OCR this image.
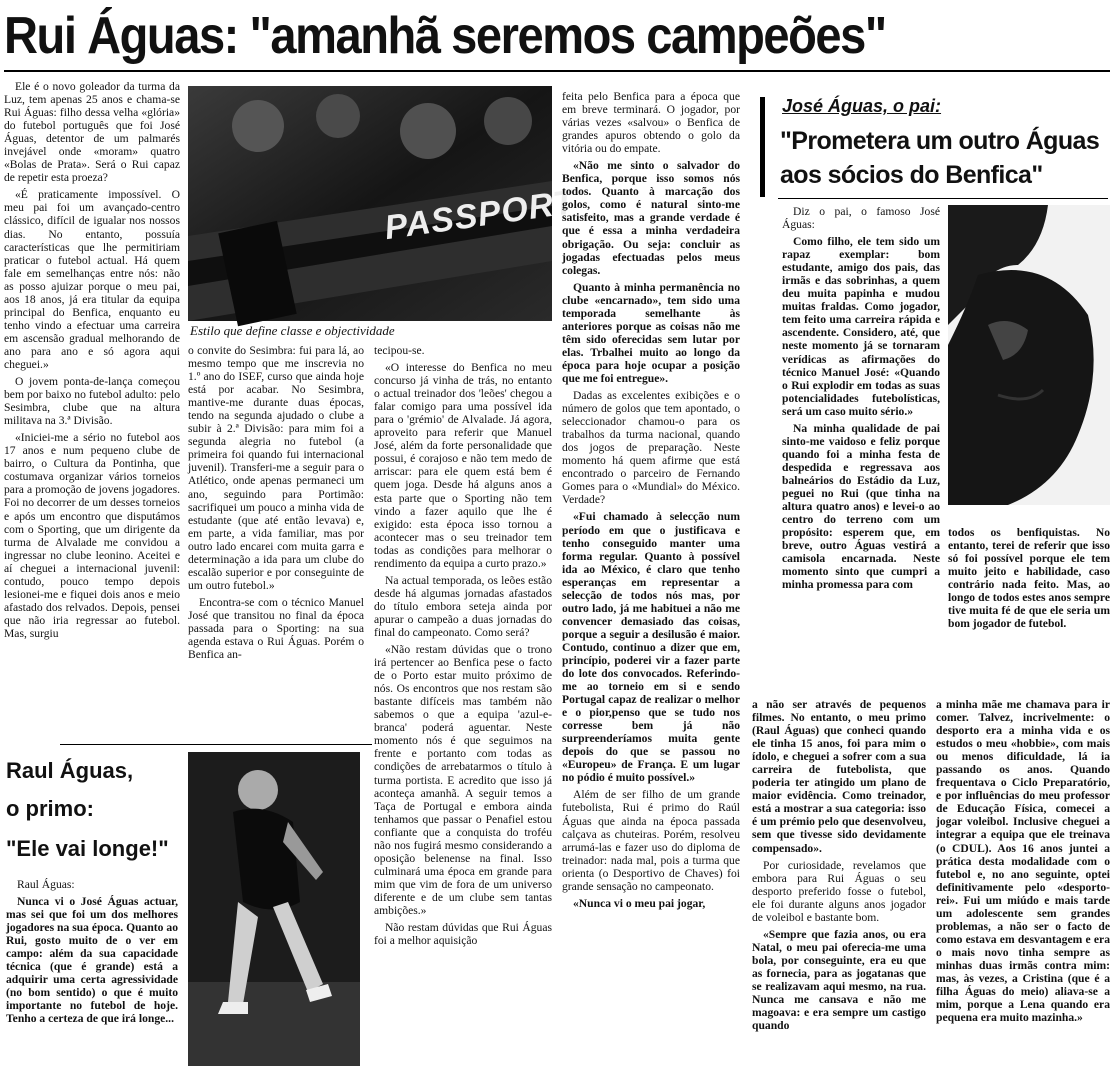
Rui Águas: "amanhã seremos campeões"

Ele é o novo goleador da turma da Luz, tem apenas 25 anos e chama-se Rui Águas: filho dessa velha «glória» do futebol português que foi José Águas, detentor de um palmarés invejável onde «moram» quatro «Bolas de Prata». Será o Rui capaz de repetir esta proeza?

«É praticamente impossível. O meu pai foi um avançado-centro clássico, difícil de igualar nos nossos dias. No entanto, possuía características que lhe permitiriam praticar o futebol actual. Há quem fale em semelhanças entre nós: não as posso ajuizar porque o meu pai, aos 18 anos, já era titular da equipa principal do Benfica, enquanto eu tenho vindo a efectuar uma carreira em ascensão gradual melhorando de ano para ano e só agora aqui cheguei.»

O jovem ponta-de-lança começou bem por baixo no futebol adulto: pelo Sesimbra, clube que na altura militava na 3.ª Divisão.

«Iniciei-me a sério no futebol aos 17 anos e num pequeno clube de bairro, o Cultura da Pontinha, que costumava organizar vários torneios para a promoção de jovens jogadores. Foi no decorrer de um desses torneios e após um encontro que disputámos com o Sporting, que um dirigente da turma de Alvalade me convidou a ingressar no clube leonino. Aceitei e aí cheguei a internacional juvenil: contudo, pouco tempo depois lesionei-me e fiquei dois anos e meio afastado dos relvados. Depois, pensei que não iria regressar ao futebol. Mas, surgiu

PASSPORT
Estilo que define classe e objectividade

o convite do Sesimbra: fui para lá, ao mesmo tempo que me inscrevia no 1.º ano do ISEF, curso que ainda hoje está por acabar. No Sesimbra, mantive-me durante duas épocas, tendo na segunda ajudado o clube a subir à 2.ª Divisão: para mim foi a segunda alegria no futebol (a primeira foi quando fui internacional juvenil). Transferi-me a seguir para o Atlético, onde apenas permaneci um ano, seguindo para Portimão: sacrifiquei um pouco a minha vida de estudante (que até então levava) e, em parte, a vida familiar, mas por outro lado encarei com muita garra e determinação a ida para um clube do escalão superior e por conseguinte de um outro futebol.»

Encontra-se com o técnico Manuel José que transitou no final da época passada para o Sporting: na sua agenda estava o Rui Águas. Porém o Benfica an-

tecipou-se.

«O interesse do Benfica no meu concurso já vinha de trás, no entanto o actual treinador dos 'leões' chegou a falar comigo para uma possível ida para o 'grémio' de Alvalade. Já agora, aproveito para referir que Manuel José, além da forte personalidade que possui, é corajoso e não tem medo de arriscar: para ele quem está bem é quem joga. Desde há alguns anos a esta parte que o Sporting não tem vindo a fazer aquilo que lhe é exigido: esta época isso tornou a acontecer mas o seu treinador tem todas as condições para melhorar o rendimento da equipa a curto prazo.»

Na actual temporada, os leões estão desde há algumas jornadas afastados do título embora seteja ainda por apurar o campeão a duas jornadas do final do campeonato. Como será?

«Não restam dúvidas que o trono irá pertencer ao Benfica pese o facto de o Porto estar muito próximo de nós. Os encontros que nos restam são bastante difíceis mas também não sabemos o que a equipa 'azul-e-branca' poderá aguentar. Neste momento nós é que seguimos na frente e portanto com todas as condições de arrebatarmos o título à turma portista. E acredito que isso já aconteça amanhã. A seguir temos a Taça de Portugal e embora ainda tenhamos que passar o Penafiel estou confiante que a conquista do troféu não nos fugirá mesmo considerando a oposição belenense na final. Isso culminará uma época em grande para mim que vim de fora de um universo diferente e de um clube sem tantas ambições.»

Não restam dúvidas que Rui Águas foi a melhor aquisição

feita pelo Benfica para a época que em breve terminará. O jogador, por várias vezes «salvou» o Benfica de grandes apuros obtendo o golo da vitória ou do empate.

«Não me sinto o salvador do Benfica, porque isso somos nós todos. Quanto à marcação dos golos, como é natural sinto-me satisfeito, mas a grande verdade é que é essa a minha verdadeira obrigação. Ou seja: concluir as jogadas efectuadas pelos meus colegas.

Quanto à minha permanência no clube «encarnado», tem sido uma temporada semelhante às anteriores porque as coisas não me têm sido oferecidas sem lutar por elas. Trbalhei muito ao longo da época para hoje ocupar a posição que me foi entregue».

Dadas as excelentes exibições e o número de golos que tem apontado, o seleccionador chamou-o para os trabalhos da turma nacional, quando dos jogos de preparação. Neste momento há quem afirme que está encontrado o parceiro de Fernando Gomes para o «Mundial» do México. Verdade?

«Fui chamado à selecção num período em que o justificava e tenho conseguido manter uma forma regular. Quanto à possível ida ao México, é claro que tenho esperanças em representar a selecção de todos nós mas, por outro lado, já me habituei a não me convencer demasiado das coisas, porque a seguir a desilusão é maior. Contudo, continuo a dizer que em, princípio, poderei vir a fazer parte do lote dos convocados. Referindo-me ao torneio em si e sendo Portugal capaz de realizar o melhor e o pior,penso que se tudo nos corresse bem já não surpreenderíamos muita gente depois do que se passou no «Europeu» de França. E um lugar no pódio é muito possível.»

Além de ser filho de um grande futebolista, Rui é primo do Raúl Águas que ainda na época passada calçava as chuteiras. Porém, resolveu arrumá-las e fazer uso do diploma de treinador: nada mal, pois a turma que orienta (o Desportivo de Chaves) foi grande sensação no campeonato.

«Nunca vi o meu pai jogar,

José Águas, o pai:
"Prometera um outro Águas aos sócios do Benfica"

Diz o pai, o famoso José Águas:

Como filho, ele tem sido um rapaz exemplar: bom estudante, amigo dos pais, das irmãs e das sobrinhas, a quem deu muita papinha e mudou muitas fraldas. Como jogador, tem feito uma carreira rápida e ascendente. Considero, até, que neste momento já se tornaram verídicas as afirmações do técnico Manuel José: «Quando o Rui explodir em todas as suas potencialidades futebolísticas, será um caso muito sério.»

Na minha qualidade de pai sinto-me vaidoso e feliz porque quando foi a minha festa de despedida e regressava aos balneários do Estádio da Luz, peguei no Rui (que tinha na altura quatro anos) e levei-o ao centro do terreno com um propósito: esperem que, em breve, outro Águas vestirá a camisola encarnada. Neste momento sinto que cumpri a minha promessa para com

todos os benfiquistas. No entanto, terei de referir que isso só foi possível porque ele tem muito jeito e habilidade, caso contrário nada feito. Mas, ao longo de todos estes anos sempre tive muita fé de que ele seria um bom jogador de futebol.

a não ser através de pequenos filmes. No entanto, o meu primo (Raul Águas) que conheci quando ele tinha 15 anos, foi para mim o ídolo, e cheguei a sofrer com a sua carreira de futebolista, que poderia ter atingido um plano de maior evidência. Como treinador, está a mostrar a sua categoria: isso é um prémio pelo que desenvolveu, sem que tivesse sido devidamente compensado».

Por curiosidade, revelamos que embora para Rui Águas o seu desporto preferido fosse o futebol, ele foi durante alguns anos jogador de voleibol e bastante bom.

«Sempre que fazia anos, ou era Natal, o meu pai oferecia-me uma bola, por conseguinte, era eu que as fornecia, para as jogatanas que se realizavam aqui mesmo, na rua. Nunca me cansava e não me magoava: e era sempre um castigo quando

a minha mãe me chamava para ir comer. Talvez, incrivelmente: o desporto era a minha vida e os estudos o meu «hobbie», com mais ou menos dificuldade, lá ia passando os anos. Quando frequentava o Ciclo Preparatório, e por influências do meu professor de Educação Física, comecei a jogar voleibol. Inclusive cheguei a integrar a equipa que ele treinava (o CDUL). Aos 16 anos juntei a prática desta modalidade com o futebol e, no ano seguinte, optei definitivamente pelo «desporto-rei». Fui um miúdo e mais tarde um adolescente sem grandes problemas, a não ser o facto de como estava em desvantagem e era o mais novo tinha sempre as minhas duas irmãs contra mim: mas, às vezes, a Cristina (que é a filha Águas do meio) aliava-se a mim, porque a Lena quando era pequena era muito mazinha.»

Raul Águas,
o primo:
"Ele vai longe!"

Raul Águas:

Nunca vi o José Águas actuar, mas sei que foi um dos melhores jogadores na sua época. Quanto ao Rui, gosto muito de o ver em campo: além da sua capacidade técnica (que é grande) está a adquirir uma certa agressividade (no bom sentido) o que é muito importante no futebol de hoje. Tenho a certeza de que irá longe...
